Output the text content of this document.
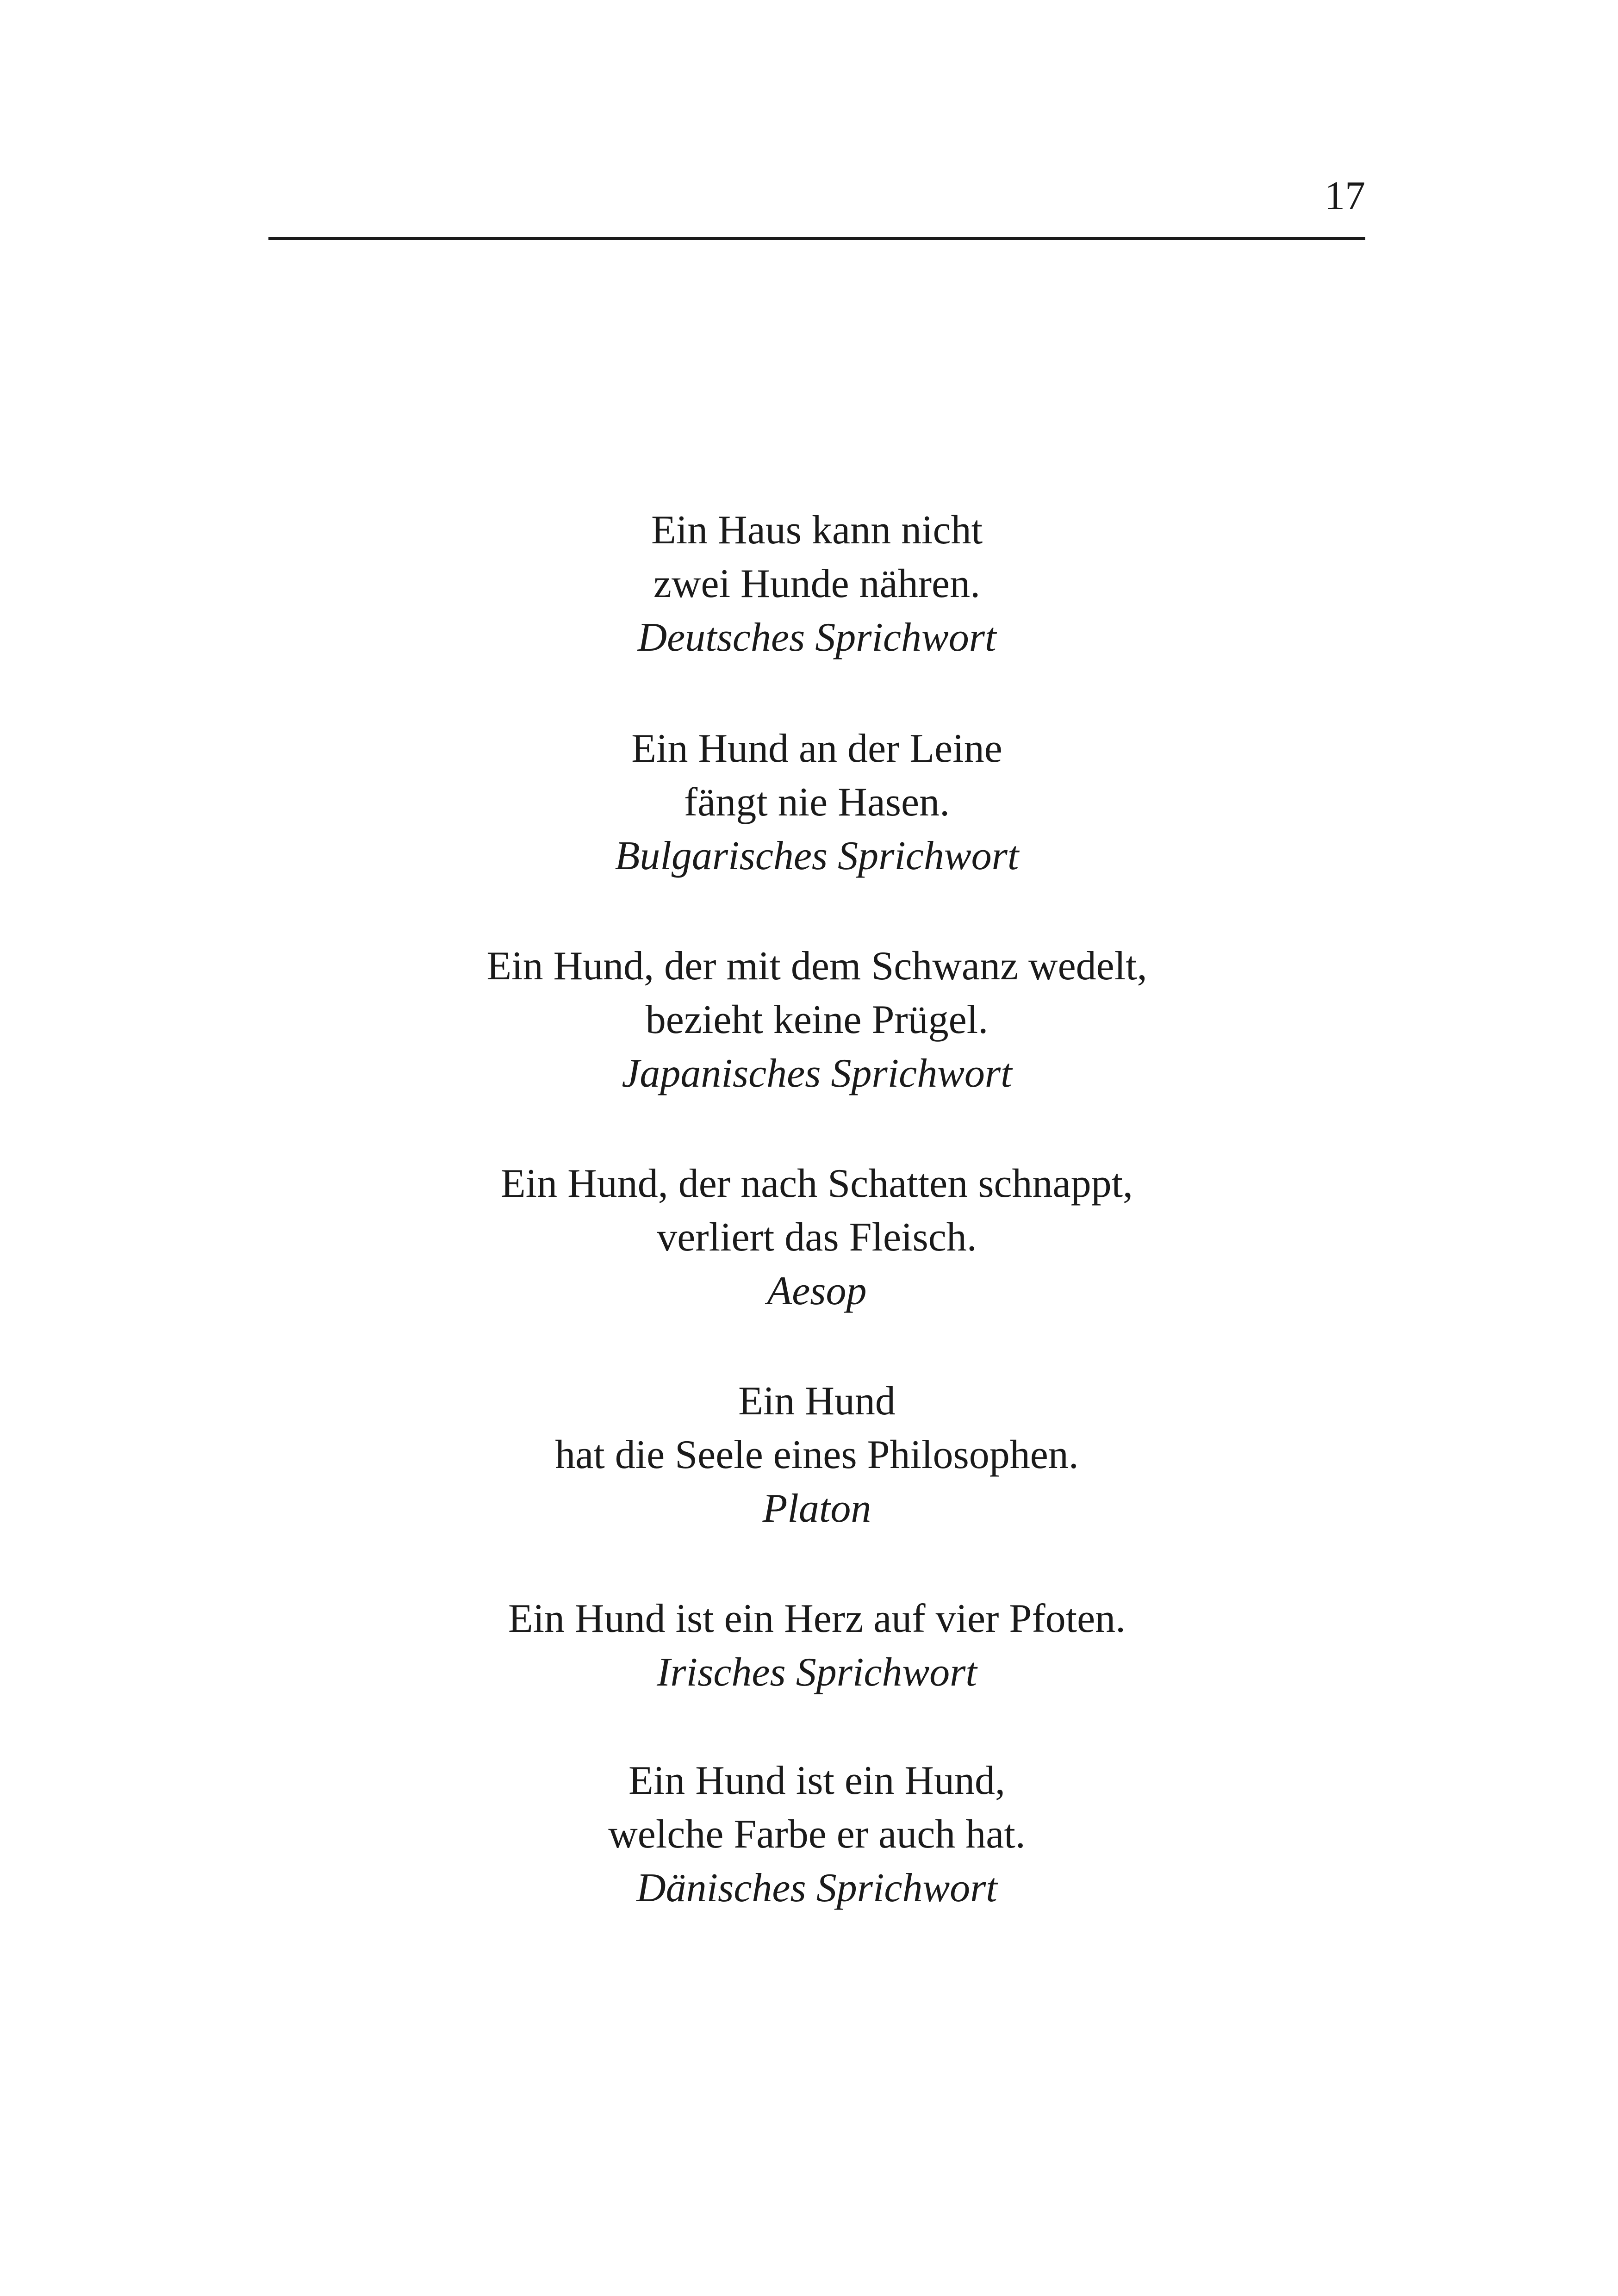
17
Ein Haus kann nicht
zwei Hunde nähren.
Deutsches Sprichwort
Ein Hund an der Leine
fängt nie Hasen.
Bulgarisches Sprichwort
Ein Hund, der mit dem Schwanz wedelt,
bezieht keine Prügel.
Japanisches Sprichwort
Ein Hund, der nach Schatten schnappt,
verliert das Fleisch.
Aesop
Ein Hund
hat die Seele eines Philosophen.
Platon
Ein Hund ist ein Herz auf vier Pfoten.
Irisches Sprichwort
Ein Hund ist ein Hund,
welche Farbe er auch hat.
Dänisches Sprichwort
